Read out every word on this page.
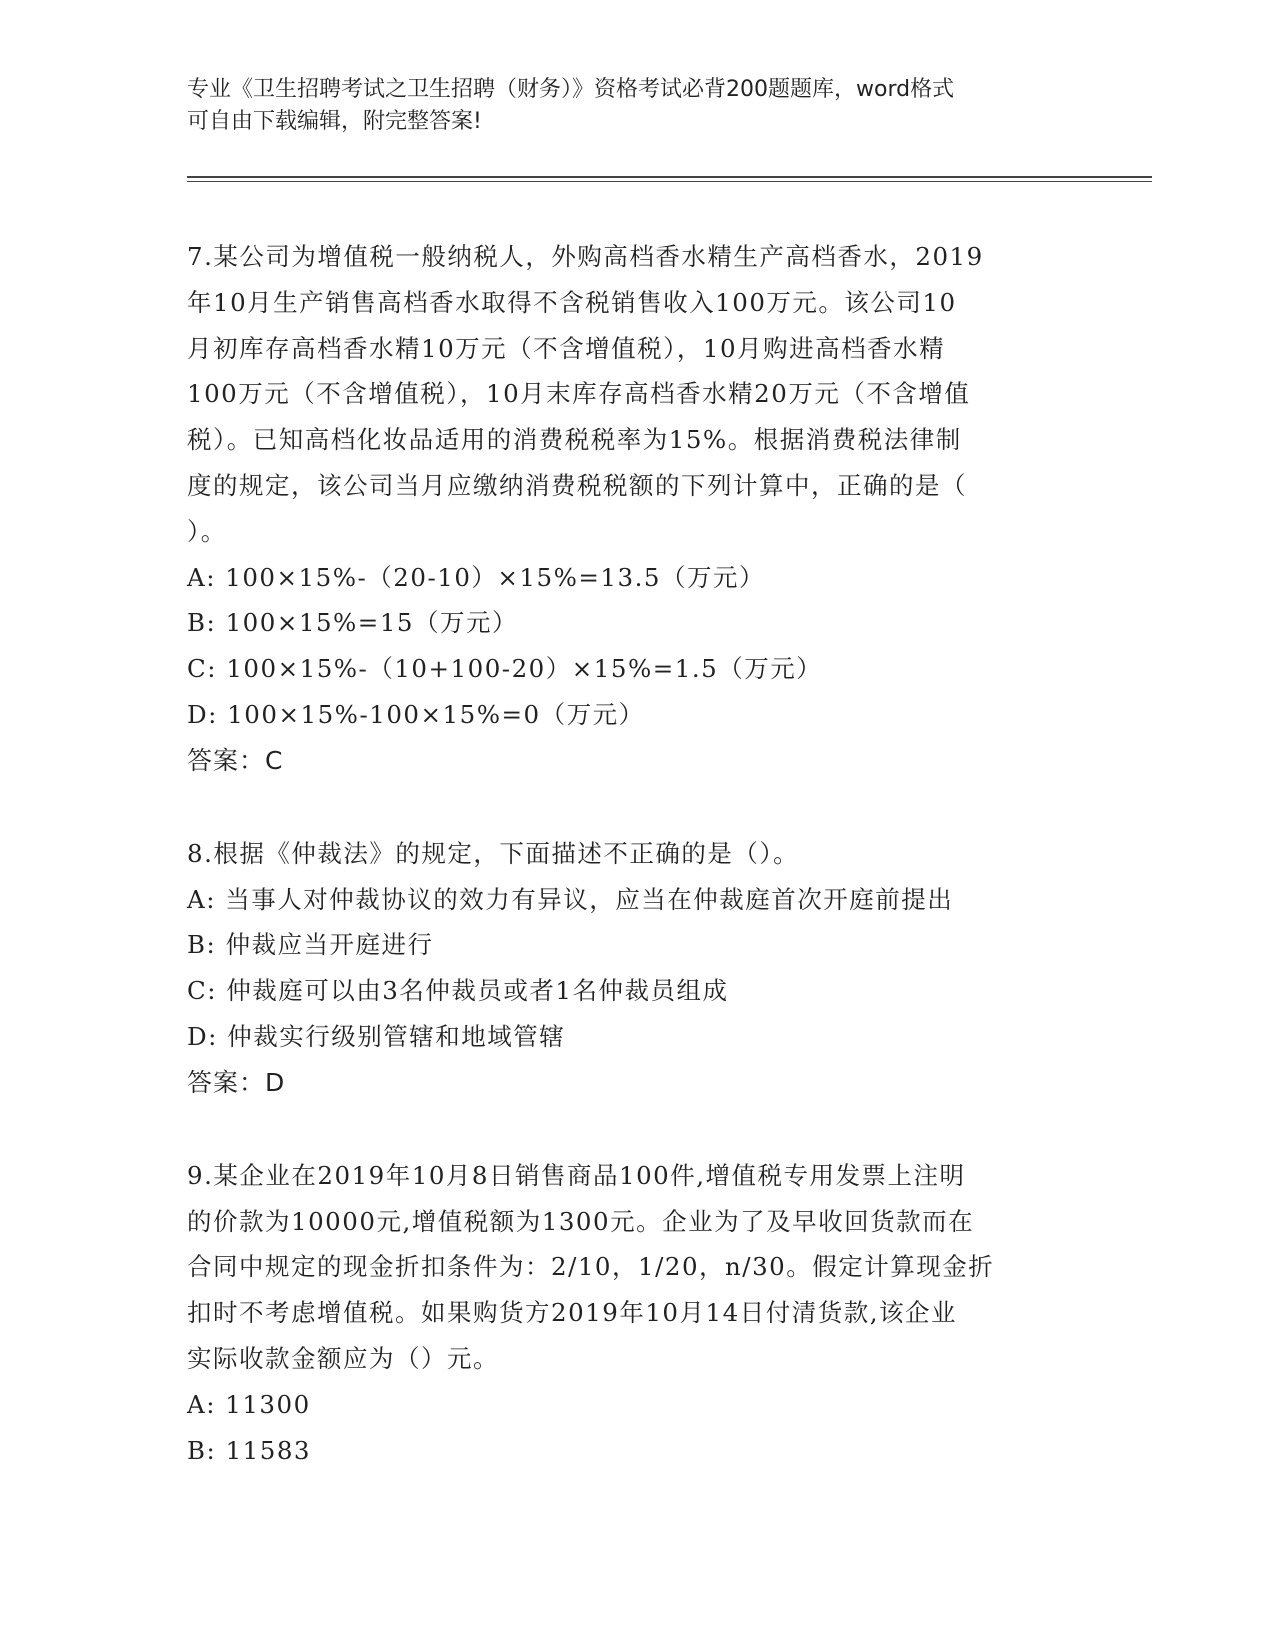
专业《卫生招聘考试之卫生招聘（财务）》资格考试必背200题题库，word格式
可自由下载编辑，附完整答案!
7.某公司为增值税一般纳税人，外购高档香水精生产高档香水，2019
年10月生产销售高档香水取得不含税销售收入100万元。该公司10
月初库存高档香水精10万元（不含增值税），10月购进高档香水精
100万元（不含增值税），10月末库存高档香水精20万元（不含增值
税）。已知高档化妆品适用的消费税税率为15%。根据消费税法律制
度的规定，该公司当月应缴纳消费税税额的下列计算中，正确的是（
）。
A: 100×15%-（20-10）×15%=13.5（万元）
B: 100×15%=15（万元）
C: 100×15%-（10+100-20）×15%=1.5（万元）
D: 100×15%-100×15%=0（万元）
答案：C
8.根据《仲裁法》的规定，下面描述不正确的是（）。
A: 当事人对仲裁协议的效力有异议，应当在仲裁庭首次开庭前提出
B: 仲裁应当开庭进行
C: 仲裁庭可以由3名仲裁员或者1名仲裁员组成
D: 仲裁实行级别管辖和地域管辖
答案：D
9.某企业在2019年10月8日销售商品100件,增值税专用发票上注明
的价款为10000元,增值税额为1300元。企业为了及早收回货款而在
合同中规定的现金折扣条件为：2/10，1/20，n/30。假定计算现金折
扣时不考虑增值税。如果购货方2019年10月14日付清货款,该企业
实际收款金额应为（）元。
A: 11300
B: 11583
